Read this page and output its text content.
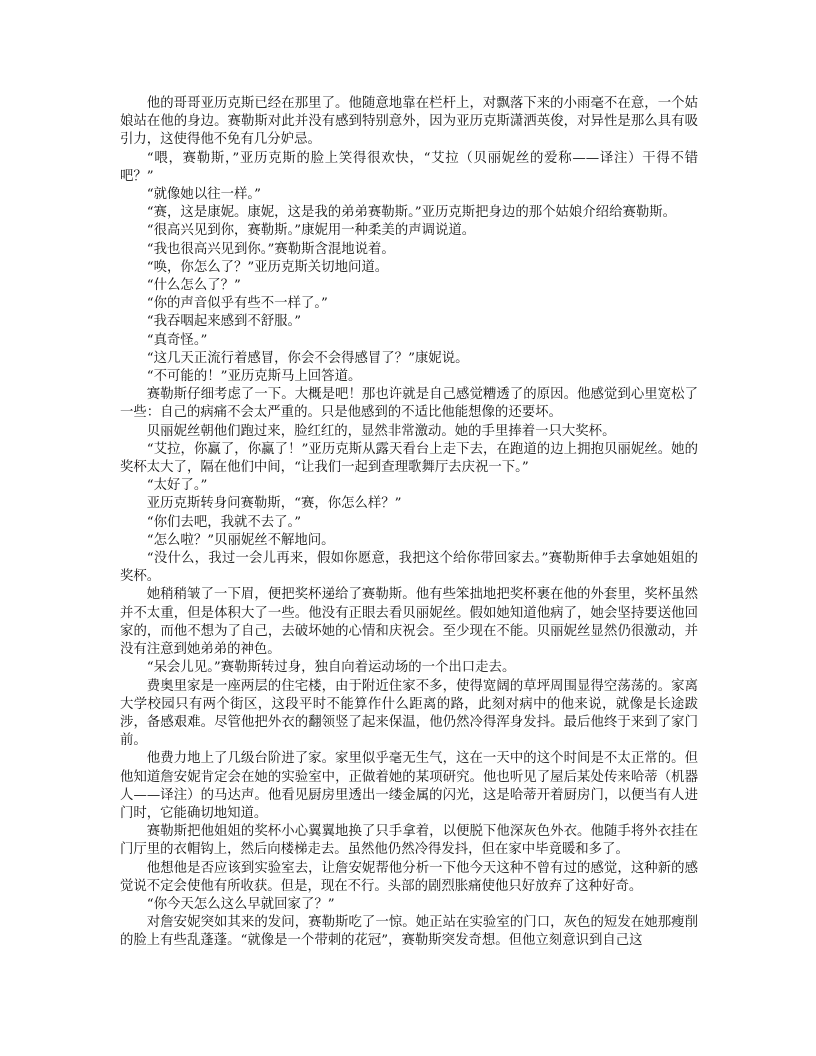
他的哥哥亚历克斯已经在那里了。他随意地靠在栏杆上，对飘落下来的小雨毫不在意，一个姑娘站在他的身边。赛勒斯对此并没有感到特别意外，因为亚历克斯潇洒英俊，对异性是那么具有吸引力，这使得他不免有几分妒忌。

“喂，赛勒斯，”亚历克斯的脸上笑得很欢快，“艾拉（贝丽妮丝的爱称——译注）干得不错吧？”

“就像她以往一样。”

“赛，这是康妮。康妮，这是我的弟弟赛勒斯。”亚历克斯把身边的那个姑娘介绍给赛勒斯。

“很高兴见到你，赛勒斯。”康妮用一种柔美的声调说道。

“我也很高兴见到你。”赛勒斯含混地说着。

“唤，你怎么了？”亚历克斯关切地问道。

“什么怎么了？”

“你的声音似乎有些不一样了。”

“我吞咽起来感到不舒服。”

“真奇怪。”

“这几天正流行着感冒，你会不会得感冒了？”康妮说。

“不可能的！”亚历克斯马上回答道。

赛勒斯仔细考虑了一下。大概是吧！那也许就是自己感觉糟透了的原因。他感觉到心里宽松了一些：自己的病痛不会太严重的。只是他感到的不适比他能想像的还要坏。

贝丽妮丝朝他们跑过来，脸红红的，显然非常激动。她的手里捧着一只大奖杯。

“艾拉，你赢了，你赢了！”亚历克斯从露天看台上走下去，在跑道的边上拥抱贝丽妮丝。她的奖杯太大了，隔在他们中间，“让我们一起到查理歌舞厅去庆祝一下。”

“太好了。”

亚历克斯转身问赛勒斯，“赛，你怎么样？”

“你们去吧，我就不去了。”

“怎么啦？”贝丽妮丝不解地问。

“没什么，我过一会儿再来，假如你愿意，我把这个给你带回家去。”赛勒斯伸手去拿她姐姐的奖杯。

她稍稍皱了一下眉，便把奖杯递给了赛勒斯。他有些笨拙地把奖杯裹在他的外套里，奖杯虽然并不太重，但是体积大了一些。他没有正眼去看贝丽妮丝。假如她知道他病了，她会坚持要送他回家的，而他不想为了自己，去破坏她的心情和庆祝会。至少现在不能。贝丽妮丝显然仍很激动，并没有注意到她弟弟的神色。

“呆会儿见。”赛勒斯转过身，独自向着运动场的一个出口走去。

费奥里家是一座两层的住宅楼，由于附近住家不多，使得宽阔的草坪周围显得空荡荡的。家离大学校园只有两个街区，这段平时不能算作什么距离的路，此刻对病中的他来说，就像是长途跋涉，备感艰难。尽管他把外衣的翻领竖了起来保温，他仍然冷得浑身发抖。最后他终于来到了家门前。

他费力地上了几级台阶进了家。家里似乎毫无生气，这在一天中的这个时间是不太正常的。但他知道詹安妮肯定会在她的实验室中，正做着她的某项研究。他也听见了屋后某处传来哈蒂（机器人——译注）的马达声。他看见厨房里透出一缕金属的闪光，这是哈蒂开着厨房门，以便当有人进门时，它能确切地知道。

赛勒斯把他姐姐的奖杯小心翼翼地换了只手拿着，以便脱下他深灰色外衣。他随手将外衣挂在门厅里的衣帽钩上，然后向楼梯走去。虽然他仍然冷得发抖，但在家中毕竟暖和多了。

他想他是否应该到实验室去，让詹安妮帮他分析一下他今天这种不曾有过的感觉，这种新的感觉说不定会使他有所收获。但是，现在不行。头部的剧烈胀痛使他只好放弃了这种好奇。

“你今天怎么这么早就回家了？”

对詹安妮突如其来的发问，赛勒斯吃了一惊。她正站在实验室的门口，灰色的短发在她那瘦削的脸上有些乱蓬蓬。“就像是一个带刺的花冠”，赛勒斯突发奇想。但他立刻意识到自己这
